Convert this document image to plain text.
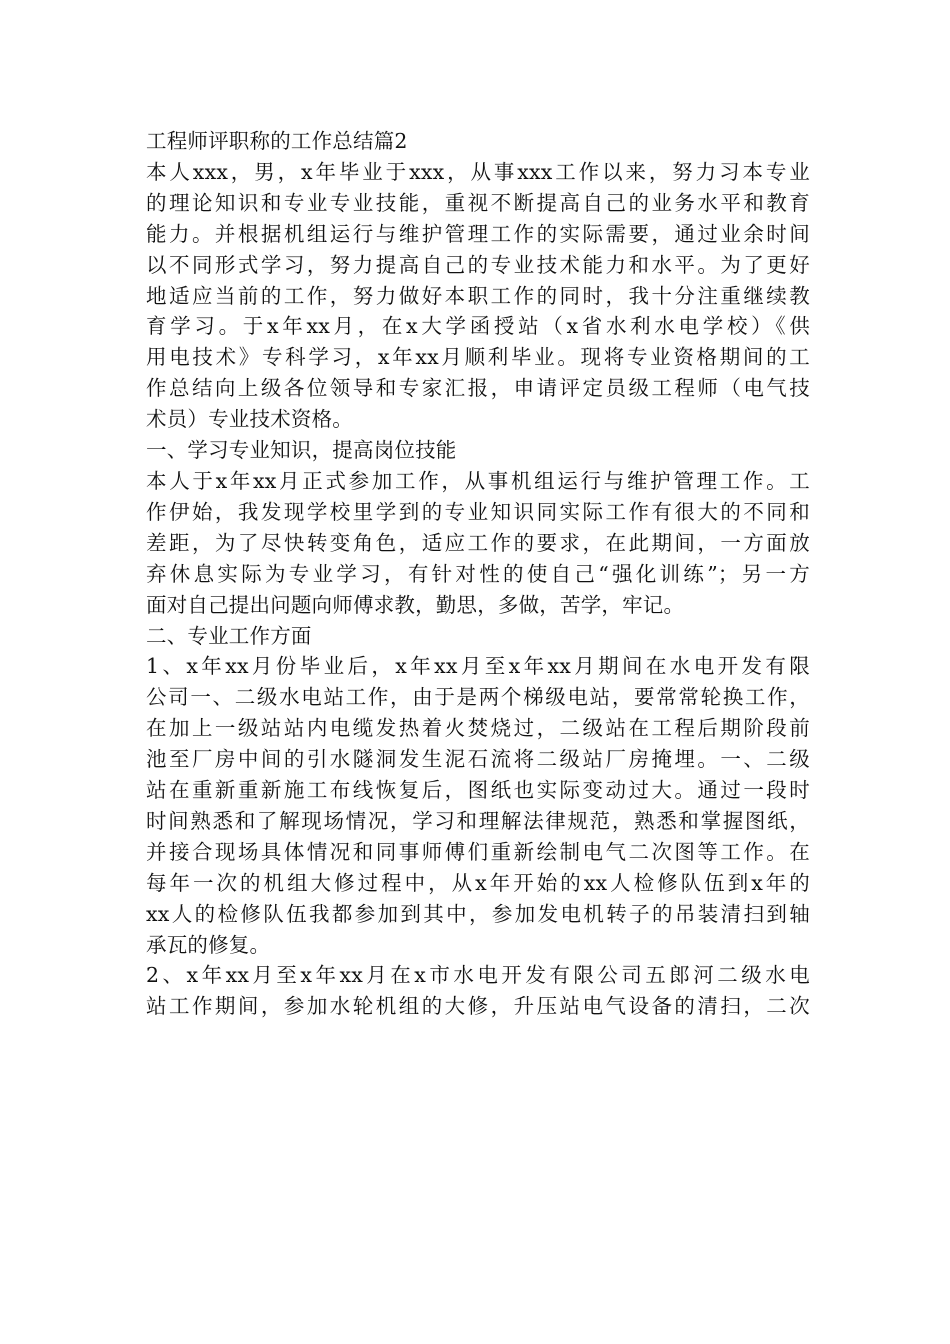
工程师评职称的工作总结篇2
本人xxx，男，x年毕业于xxx，从事xxx工作以来，努力习本专业
的理论知识和专业专业技能，重视不断提高自己的业务水平和教育
能力。并根据机组运行与维护管理工作的实际需要，通过业余时间
以不同形式学习，努力提高自己的专业技术能力和水平。为了更好
地适应当前的工作，努力做好本职工作的同时，我十分注重继续教
育学习。于x年xx月，在x大学函授站（x省水利水电学校）《供
用电技术》专科学习，x年xx月顺利毕业。现将专业资格期间的工
作总结向上级各位领导和专家汇报，申请评定员级工程师（电气技
术员）专业技术资格。
一、学习专业知识，提高岗位技能
本人于x年xx月正式参加工作，从事机组运行与维护管理工作。工
作伊始，我发现学校里学到的专业知识同实际工作有很大的不同和
差距，为了尽快转变角色，适应工作的要求，在此期间，一方面放
弃休息实际为专业学习，有针对性的使自己“强化训练”；另一方
面对自己提出问题向师傅求教，勤思，多做，苦学，牢记。
二、专业工作方面
1、x年xx月份毕业后，x年xx月至x年xx月期间在水电开发有限
公司一、二级水电站工作，由于是两个梯级电站，要常常轮换工作，
在加上一级站站内电缆发热着火焚烧过，二级站在工程后期阶段前
池至厂房中间的引水隧洞发生泥石流将二级站厂房掩埋。一、二级
站在重新重新施工布线恢复后，图纸也实际变动过大。通过一段时
时间熟悉和了解现场情况，学习和理解法律规范，熟悉和掌握图纸，
并接合现场具体情况和同事师傅们重新绘制电气二次图等工作。在
每年一次的机组大修过程中，从x年开始的xx人检修队伍到x年的
xx人的检修队伍我都参加到其中，参加发电机转子的吊装清扫到轴
承瓦的修复。
2、x年xx月至x年xx月在x市水电开发有限公司五郎河二级水电
站工作期间，参加水轮机组的大修，升压站电气设备的清扫，二次
